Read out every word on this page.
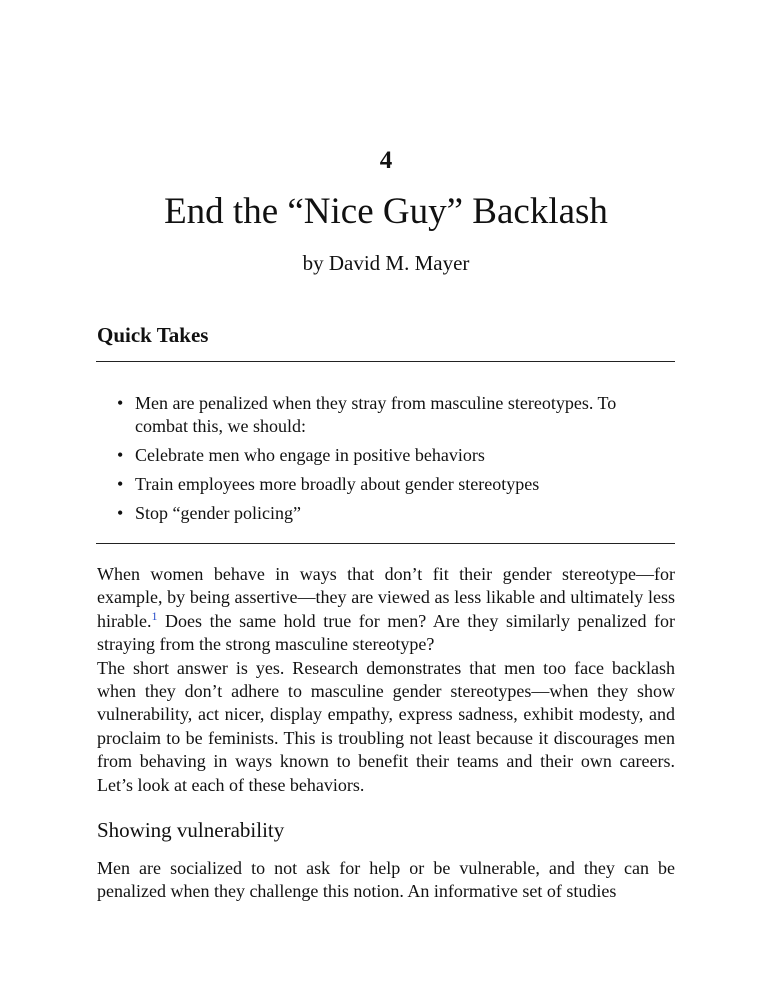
4
End the “Nice Guy” Backlash
by David M. Mayer
Quick Takes
• Men are penalized when they stray from masculine stereotypes. To combat this, we should:
• Celebrate men who engage in positive behaviors
• Train employees more broadly about gender stereotypes
• Stop “gender policing”

When women behave in ways that don’t fit their gender stereotype—for example, by being assertive—they are viewed as less likable and ultimately less hirable.$^1$ Does the same hold true for men? Are they similarly penalized for straying from the strong masculine stereotype?

The short answer is yes. Research demonstrates that men too face backlash when they don’t adhere to masculine gender stereotypes—when they show vulnerability, act nicer, display empathy, express sadness, exhibit modesty, and proclaim to be feminists. This is troubling not least because it discourages men from behaving in ways known to benefit their teams and their own careers. Let’s look at each of these behaviors.

Showing vulnerability

Men are socialized to not ask for help or be vulnerable, and they can be penalized when they challenge this notion. An informative set of studies
